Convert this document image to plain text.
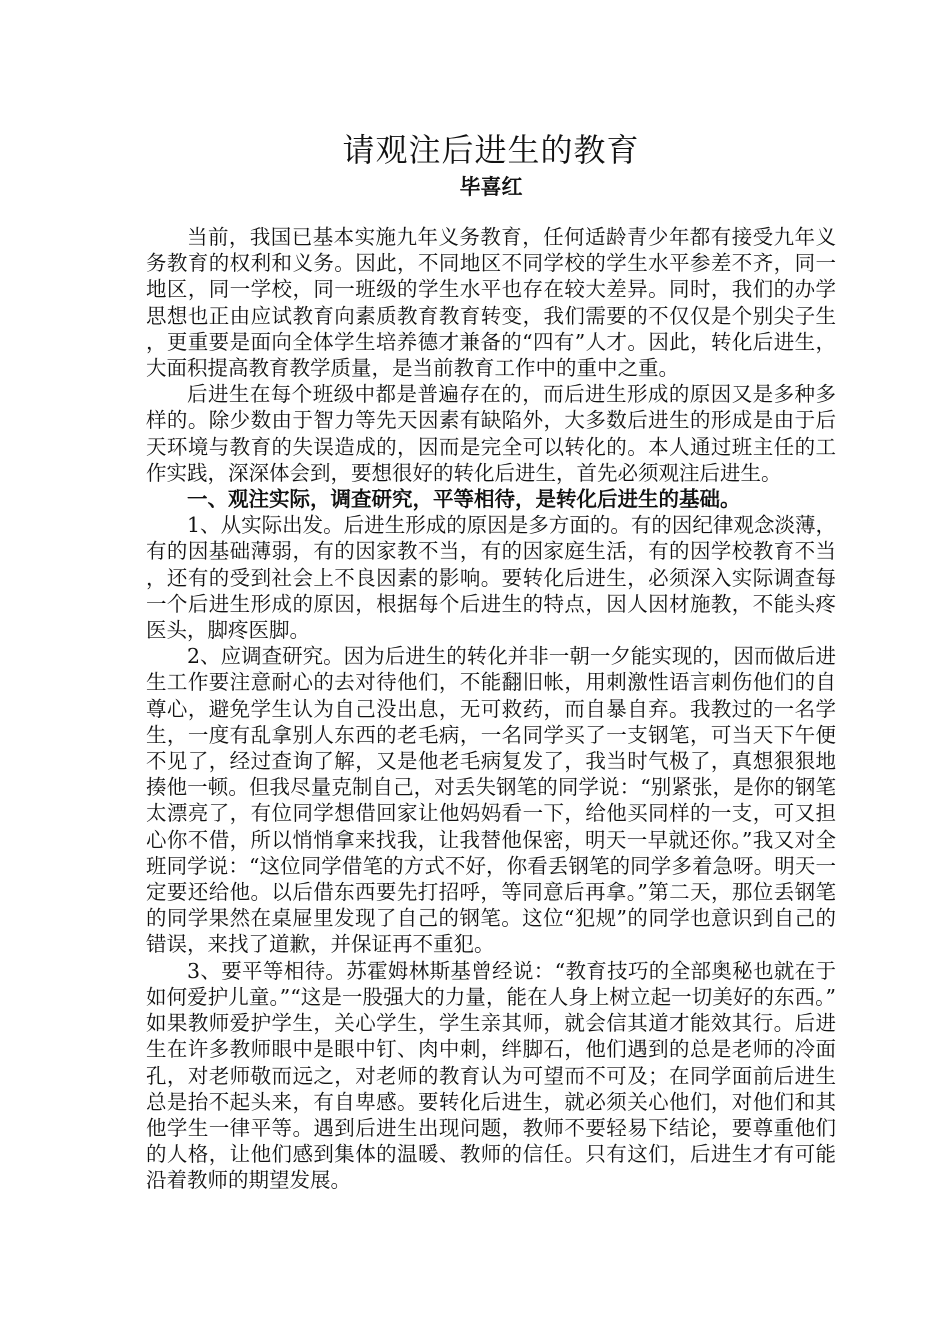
请观注后进生的教育
毕喜红

当前，我国已基本实施九年义务教育，任何适龄青少年都有接受九年义务教育的权利和义务。因此，不同地区不同学校的学生水平参差不齐，同一地区，同一学校，同一班级的学生水平也存在较大差异。同时，我们的办学思想也正由应试教育向素质教育教育转变，我们需要的不仅仅是个别尖子生，更重要是面向全体学生培养德才兼备的“四有”人才。因此，转化后进生，大面积提高教育教学质量，是当前教育工作中的重中之重。

后进生在每个班级中都是普遍存在的，而后进生形成的原因又是多种多样的。除少数由于智力等先天因素有缺陷外，大多数后进生的形成是由于后天环境与教育的失误造成的，因而是完全可以转化的。本人通过班主任的工作实践，深深体会到，要想很好的转化后进生，首先必须观注后进生。

一、观注实际，调查研究，平等相待，是转化后进生的基础。

1、从实际出发。后进生形成的原因是多方面的。有的因纪律观念淡薄，有的因基础薄弱，有的因家教不当，有的因家庭生活，有的因学校教育不当，还有的受到社会上不良因素的影响。要转化后进生，必须深入实际调查每一个后进生形成的原因，根据每个后进生的特点，因人因材施教，不能头疼医头，脚疼医脚。

2、应调查研究。因为后进生的转化并非一朝一夕能实现的，因而做后进生工作要注意耐心的去对待他们，不能翻旧帐，用刺激性语言刺伤他们的自尊心，避免学生认为自己没出息，无可救药，而自暴自弃。我教过的一名学生，一度有乱拿别人东西的老毛病，一名同学买了一支钢笔，可当天下午便不见了，经过查询了解，又是他老毛病复发了，我当时气极了，真想狠狠地揍他一顿。但我尽量克制自己，对丢失钢笔的同学说：“别紧张，是你的钢笔太漂亮了，有位同学想借回家让他妈妈看一下，给他买同样的一支，可又担心你不借，所以悄悄拿来找我，让我替他保密，明天一早就还你。”我又对全班同学说：“这位同学借笔的方式不好，你看丢钢笔的同学多着急呀。明天一定要还给他。以后借东西要先打招呼，等同意后再拿。”第二天，那位丢钢笔的同学果然在桌屉里发现了自己的钢笔。这位“犯规”的同学也意识到自己的错误，来找了道歉，并保证再不重犯。

3、要平等相待。苏霍姆林斯基曾经说：“教育技巧的全部奥秘也就在于如何爱护儿童。”“这是一股强大的力量，能在人身上树立起一切美好的东西。”如果教师爱护学生，关心学生，学生亲其师，就会信其道才能效其行。后进生在许多教师眼中是眼中钉、肉中刺，绊脚石，他们遇到的总是老师的冷面孔，对老师敬而远之，对老师的教育认为可望而不可及；在同学面前后进生总是抬不起头来，有自卑感。要转化后进生，就必须关心他们，对他们和其他学生一律平等。遇到后进生出现问题，教师不要轻易下结论，要尊重他们的人格，让他们感到集体的温暖、教师的信任。只有这们，后进生才有可能沿着教师的期望发展。
